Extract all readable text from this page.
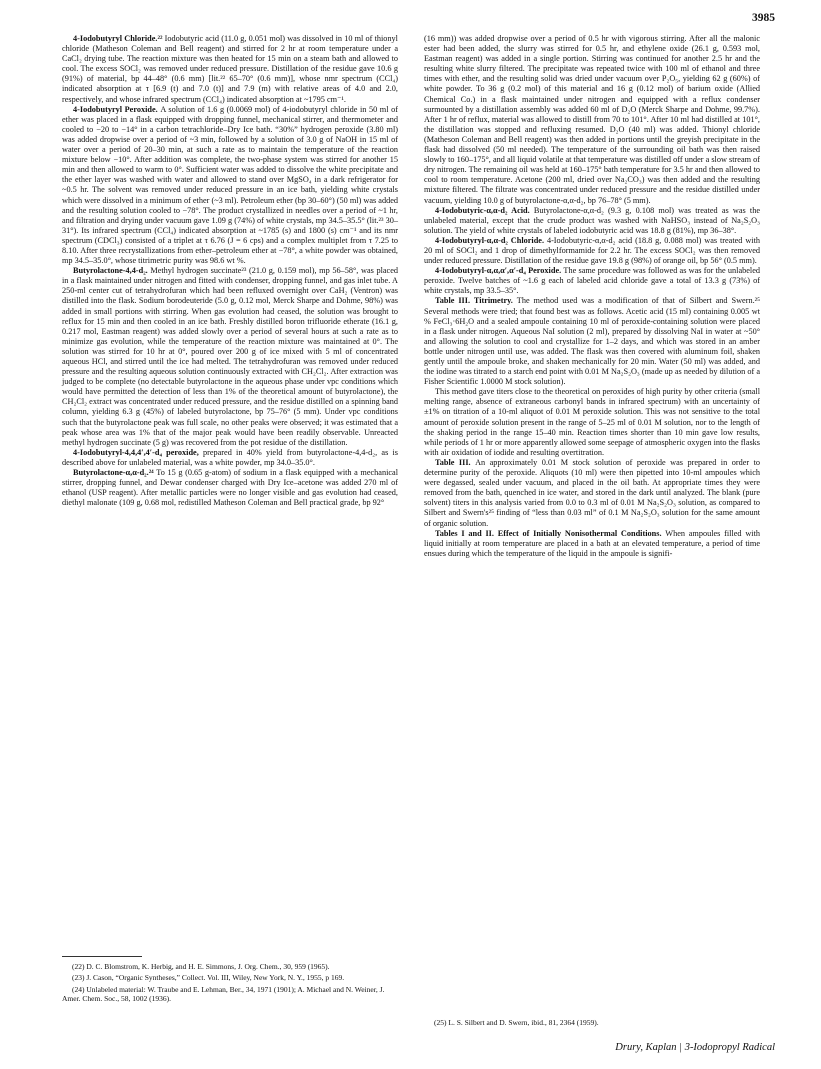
3985

4-Iodobutyryl Chloride.²² Iodobutyric acid (11.0 g, 0.051 mol) was dissolved in 10 ml of thionyl chloride (Matheson Coleman and Bell reagent) and stirred for 2 hr at room temperature under a CaCl₂ drying tube. The reaction mixture was then heated for 15 min on a steam bath and allowed to cool. The excess SOCl₂ was removed under reduced pressure. Distillation of the residue gave 10.6 g (91%) of material, bp 44–48° (0.6 mm) [lit.²² 65–70° (0.6 mm)], whose nmr spectrum (CCl₄) indicated absorption at τ [6.9 (t) and 7.0 (t)] and 7.9 (m) with relative areas of 4.0 and 2.0, respectively, and whose infrared spectrum (CCl₄) indicated absorption at ~1795 cm⁻¹.

4-Iodobutyryl Peroxide. A solution of 1.6 g (0.0069 mol) of 4-iodobutyryl chloride in 50 ml of ether was placed in a flask equipped with dropping funnel, mechanical stirrer, and thermometer and cooled to −20 to −14° in a carbon tetrachloride–Dry Ice bath. “30%” hydrogen peroxide (3.80 ml) was added dropwise over a period of ~3 min, followed by a solution of 3.0 g of NaOH in 15 ml of water over a period of 20–30 min, at such a rate as to maintain the temperature of the reaction mixture below −10°. After addition was complete, the two-phase system was stirred for another 15 min and then allowed to warm to 0°. Sufficient water was added to dissolve the white precipitate and the ether layer was washed with water and allowed to stand over MgSO₄ in a dark refrigerator for ~0.5 hr. The solvent was removed under reduced pressure in an ice bath, yielding white crystals which were dissolved in a minimum of ether (~3 ml). Petroleum ether (bp 30–60°) (50 ml) was added and the resulting solution cooled to −78°. The product crystallized in needles over a period of ~1 hr, and filtration and drying under vacuum gave 1.09 g (74%) of white crystals, mp 34.5–35.5° (lit.²³ 30–31°). Its infrared spectrum (CCl₄) indicated absorption at ~1785 (s) and 1800 (s) cm⁻¹ and its nmr spectrum (CDCl₃) consisted of a triplet at τ 6.76 (J = 6 cps) and a complex multiplet from τ 7.25 to 8.10. After three recrystallizations from ether–petroleum ether at −78°, a white powder was obtained, mp 34.5–35.0°, whose titrimetric purity was 98.6 wt %.

Butyrolactone-4,4-d₂. Methyl hydrogen succinate²³ (21.0 g, 0.159 mol), mp 56–58°, was placed in a flask maintained under nitrogen and fitted with condenser, dropping funnel, and gas inlet tube. A 250-ml center cut of tetrahydrofuran which had been refluxed overnight over CaH₂ (Ventron) was distilled into the flask. Sodium borodeuteride (5.0 g, 0.12 mol, Merck Sharpe and Dohme, 98%) was added in small portions with stirring. When gas evolution had ceased, the solution was brought to reflux for 15 min and then cooled in an ice bath. Freshly distilled boron trifluoride etherate (16.1 g, 0.217 mol, Eastman reagent) was added slowly over a period of several hours at such a rate as to minimize gas evolution, while the temperature of the reaction mixture was maintained at 0°. The solution was stirred for 10 hr at 0°, poured over 200 g of ice mixed with 5 ml of concentrated aqueous HCl, and stirred until the ice had melted. The tetrahydrofuran was removed under reduced pressure and the resulting aqueous solution continuously extracted with CH₂Cl₂. After extraction was judged to be complete (no detectable butyrolactone in the aqueous phase under vpc conditions which would have permitted the detection of less than 1% of the theoretical amount of butyrolactone), the CH₂Cl₂ extract was concentrated under reduced pressure, and the residue distilled on a spinning band column, yielding 6.3 g (45%) of labeled butyrolactone, bp 75–76° (5 mm). Under vpc conditions such that the butyrolactone peak was full scale, no other peaks were observed; it was estimated that a peak whose area was 1% that of the major peak would have been readily observable. Unreacted methyl hydrogen succinate (5 g) was recovered from the pot residue of the distillation.

4-Iodobutyryl-4,4,4′,4′-d₄ peroxide, prepared in 40% yield from butyrolactone-4,4-d₂, as is described above for unlabeled material, was a white powder, mp 34.0–35.0°.

Butyrolactone-α,α-d₂.²⁴ To 15 g (0.65 g-atom) of sodium in a flask equipped with a mechanical stirrer, dropping funnel, and Dewar condenser charged with Dry Ice–acetone was added 270 ml of ethanol (USP reagent). After metallic particles were no longer visible and gas evolution had ceased, diethyl malonate (109 g, 0.68 mol, redistilled Matheson Coleman and Bell practical grade, bp 92°

(16 mm)) was added dropwise over a period of 0.5 hr with vigorous stirring. After all the malonic ester had been added, the slurry was stirred for 0.5 hr, and ethylene oxide (26.1 g, 0.593 mol, Eastman reagent) was added in a single portion. Stirring was continued for another 2.5 hr and the resulting white slurry filtered. The precipitate was repeated twice with 100 ml of ethanol and three times with ether, and the resulting solid was dried under vacuum over P₂O₅, yielding 62 g (60%) of white powder. To 36 g (0.2 mol) of this material and 16 g (0.12 mol) of barium oxide (Allied Chemical Co.) in a flask maintained under nitrogen and equipped with a reflux condenser surmounted by a distillation assembly was added 60 ml of D₂O (Merck Sharpe and Dohme, 99.7%). After 1 hr of reflux, material was allowed to distill from 70 to 101°. After 10 ml had distilled at 101°, the distillation was stopped and refluxing resumed. D₂O (40 ml) was added. Thionyl chloride (Matheson Coleman and Bell reagent) was then added in portions until the greyish precipitate in the flask had dissolved (50 ml needed). The temperature of the surrounding oil bath was then raised slowly to 160–175°, and all liquid volatile at that temperature was distilled off under a slow stream of dry nitrogen. The remaining oil was held at 160–175° bath temperature for 3.5 hr and then allowed to cool to room temperature. Acetone (200 ml, dried over Na₂CO₃) was then added and the resulting mixture filtered. The filtrate was concentrated under reduced pressure and the residue distilled under vacuum, yielding 10.0 g of butyrolactone-α,α-d₂, bp 76–78° (5 mm).

4-Iodobutyric-α,α-d₂ Acid. Butyrolactone-α,α-d₂ (9.3 g, 0.108 mol) was treated as was the unlabeled material, except that the crude product was washed with NaHSO₃ instead of Na₂S₂O₃ solution. The yield of white crystals of labeled iodobutyric acid was 18.8 g (81%), mp 36–38°.

4-Iodobutyryl-α,α-d₂ Chloride. 4-Iodobutyric-α,α-d₂ acid (18.8 g, 0.088 mol) was treated with 20 ml of SOCl₂ and 1 drop of dimethylformamide for 2.2 hr. The excess SOCl₂ was then removed under reduced pressure. Distillation of the residue gave 19.8 g (98%) of orange oil, bp 56° (0.5 mm).

4-Iodobutyryl-α,α,α′,α′-d₄ Peroxide. The same procedure was followed as was for the unlabeled peroxide. Twelve batches of ~1.6 g each of labeled acid chloride gave a total of 13.3 g (73%) of white crystals, mp 33.5–35°.

Table III. Titrimetry. The method used was a modification of that of Silbert and Swern.²⁵ Several methods were tried; that found best was as follows. Acetic acid (15 ml) containing 0.005 wt % FeCl₃·6H₂O and a sealed ampoule containing 10 ml of peroxide-containing solution were placed in a flask under nitrogen. Aqueous NaI solution (2 ml), prepared by dissolving NaI in water at ~50° and allowing the solution to cool and crystallize for 1–2 days, and which was stored in an amber bottle under nitrogen until use, was added. The flask was then covered with aluminum foil, shaken gently until the ampoule broke, and shaken mechanically for 20 min. Water (50 ml) was added, and the iodine was titrated to a starch end point with 0.01 M Na₂S₂O₃ (made up as needed by dilution of a Fisher Scientific 1.0000 M stock solution).

This method gave titers close to the theoretical on peroxides of high purity by other criteria (small melting range, absence of extraneous carbonyl bands in infrared spectrum) with an uncertainty of ±1% on titration of a 10-ml aliquot of 0.01 M peroxide solution. This was not sensitive to the total amount of peroxide solution present in the range of 5–25 ml of 0.01 M solution, nor to the length of the shaking period in the range 15–40 min. Reaction times shorter than 10 min gave low results, while periods of 1 hr or more apparently allowed some seepage of atmospheric oxygen into the flasks with air oxidation of iodide and resulting overtitration.

Table III. An approximately 0.01 M stock solution of peroxide was prepared in order to determine purity of the peroxide. Aliquots (10 ml) were then pipetted into 10-ml ampoules which were degassed, sealed under vacuum, and placed in the oil bath. At appropriate times they were removed from the bath, quenched in ice water, and stored in the dark until analyzed. The blank (pure solvent) titers in this analysis varied from 0.0 to 0.3 ml of 0.01 M Na₂S₂O₃ solution, as compared to Silbert and Swern's²⁵ finding of “less than 0.03 ml” of 0.1 M Na₂S₂O₃ solution for the same amount of organic solution.

Tables I and II. Effect of Initially Nonisothermal Conditions. When ampoules filled with liquid initially at room temperature are placed in a bath at an elevated temperature, a period of time ensues during which the temperature of the liquid in the ampoule is signifi-

(22) D. C. Blomstrom, K. Herbig, and H. E. Simmons, J. Org. Chem., 30, 959 (1965).

(23) J. Cason, “Organic Syntheses,” Collect. Vol. III, Wiley, New York, N. Y., 1955, p 169.

(24) Unlabeled material: W. Traube and E. Lehman, Ber., 34, 1971 (1901); A. Michael and N. Weiner, J. Amer. Chem. Soc., 58, 1002 (1936).

(25) L. S. Silbert and D. Swern, ibid., 81, 2364 (1959).

Drury, Kaplan | 3-Iodopropyl Radical
